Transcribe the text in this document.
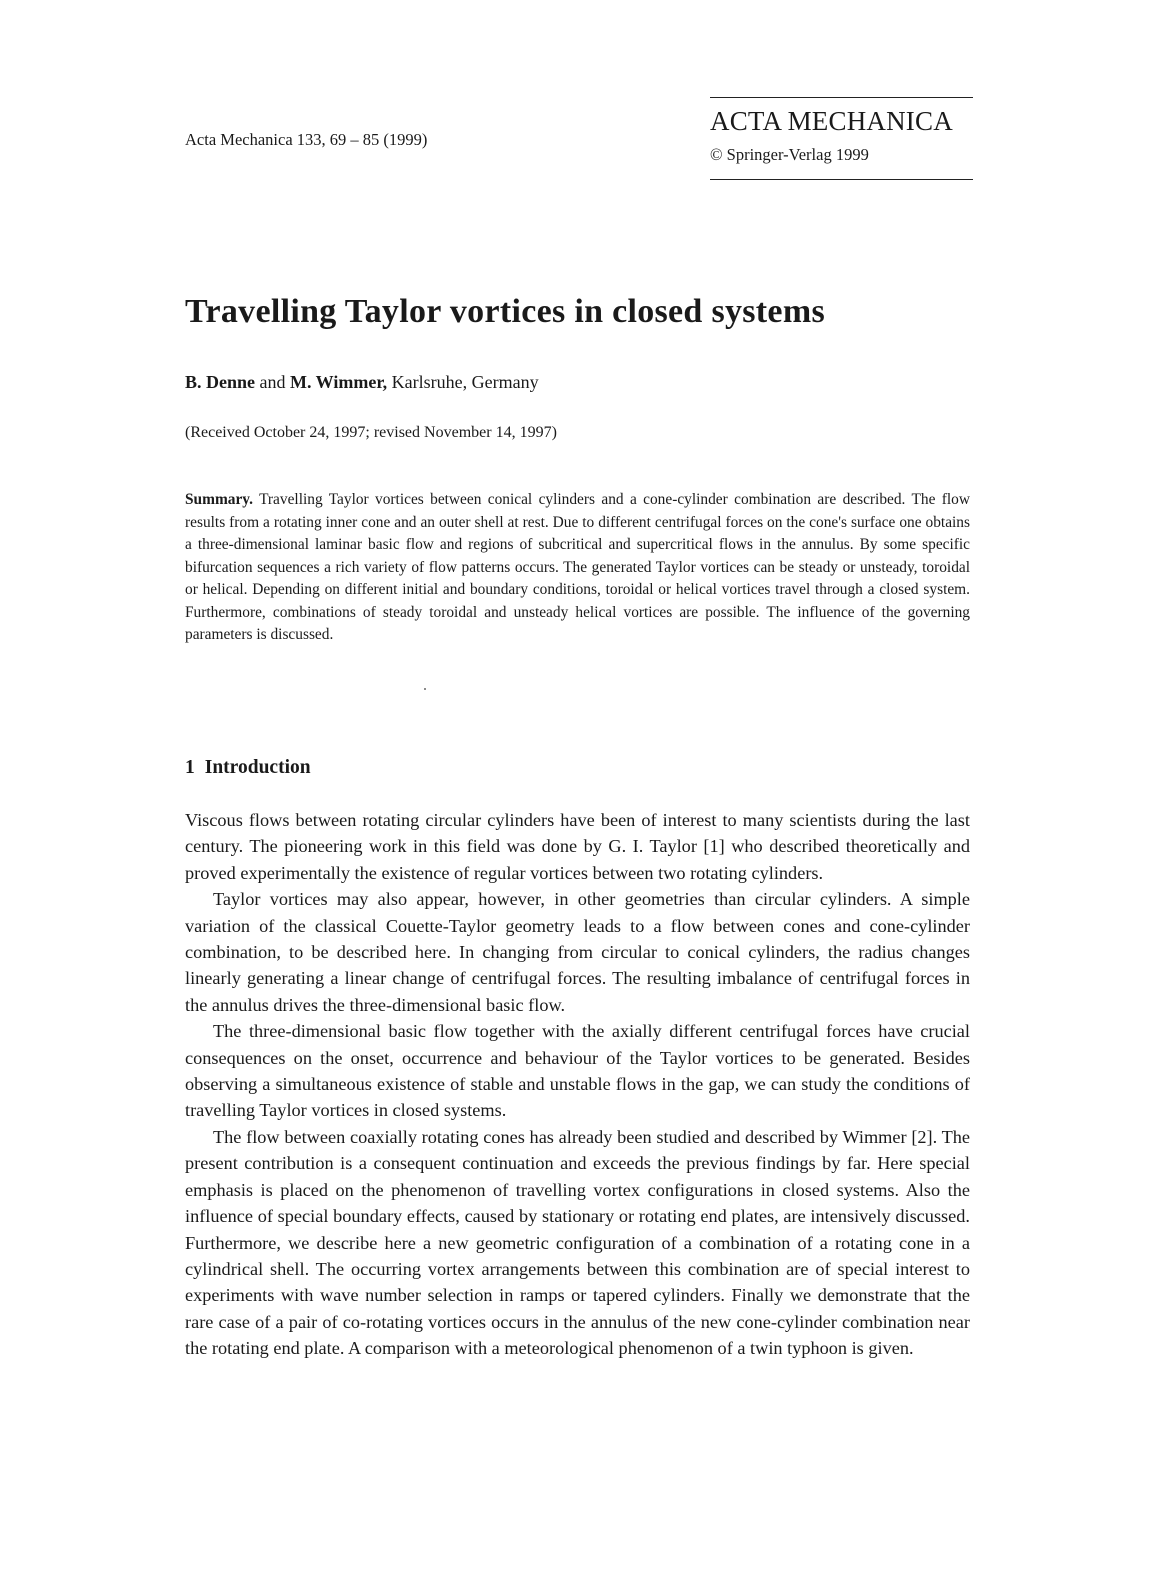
Acta Mechanica 133, 69 – 85 (1999)
ACTA MECHANICA
© Springer-Verlag 1999
Travelling Taylor vortices in closed systems
B. Denne and M. Wimmer, Karlsruhe, Germany
(Received October 24, 1997; revised November 14, 1997)
Summary. Travelling Taylor vortices between conical cylinders and a cone-cylinder combination are described. The flow results from a rotating inner cone and an outer shell at rest. Due to different centrifugal forces on the cone's surface one obtains a three-dimensional laminar basic flow and regions of subcritical and supercritical flows in the annulus. By some specific bifurcation sequences a rich variety of flow patterns occurs. The generated Taylor vortices can be steady or unsteady, toroidal or helical. Depending on different initial and boundary conditions, toroidal or helical vortices travel through a closed system. Furthermore, combinations of steady toroidal and unsteady helical vortices are possible. The influence of the governing parameters is discussed.
1 Introduction

Viscous flows between rotating circular cylinders have been of interest to many scientists during the last century. The pioneering work in this field was done by G. I. Taylor [1] who described theoretically and proved experimentally the existence of regular vortices between two rotating cylinders.

Taylor vortices may also appear, however, in other geometries than circular cylinders. A simple variation of the classical Couette-Taylor geometry leads to a flow between cones and cone-cylinder combination, to be described here. In changing from circular to conical cylinders, the radius changes linearly generating a linear change of centrifugal forces. The resulting imbalance of centrifugal forces in the annulus drives the three-dimensional basic flow.

The three-dimensional basic flow together with the axially different centrifugal forces have crucial consequences on the onset, occurrence and behaviour of the Taylor vortices to be generated. Besides observing a simultaneous existence of stable and unstable flows in the gap, we can study the conditions of travelling Taylor vortices in closed systems.

The flow between coaxially rotating cones has already been studied and described by Wimmer [2]. The present contribution is a consequent continuation and exceeds the previous findings by far. Here special emphasis is placed on the phenomenon of travelling vortex configurations in closed systems. Also the influence of special boundary effects, caused by stationary or rotating end plates, are intensively discussed. Furthermore, we describe here a new geometric configuration of a combination of a rotating cone in a cylindrical shell. The occurring vortex arrangements between this combination are of special interest to experiments with wave number selection in ramps or tapered cylinders. Finally we demonstrate that the rare case of a pair of co-rotating vortices occurs in the annulus of the new cone-cylinder combination near the rotating end plate. A comparison with a meteorological phenomenon of a twin typhoon is given.
